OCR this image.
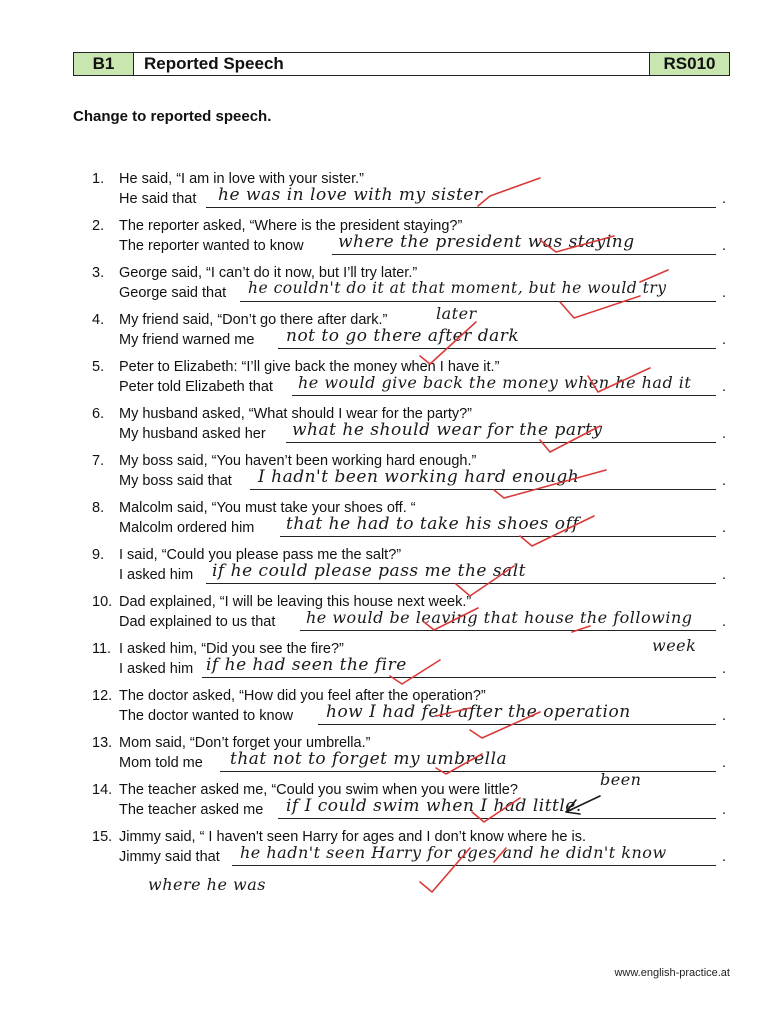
B1	Reported Speech	RS010
Change to reported speech.
1.	He said, “I am in love with your sister.”
He said that he was in love with my sister	.
2.	The reporter asked, “Where is the president staying?”
The reporter wanted to know where the president was staying	.
3.	George said, “I can’t do it now, but I’ll try later.”
George said that he couldn't do it at that moment, but he would try
later
.
4.	My friend said, “Don’t go there after dark.”
My friend warned me not to go there after dark	.
5.	Peter to Elizabeth: “I’ll give back the money when I have it.”
Peter told Elizabeth that he would give back the money when he had it .
6.	My husband asked, “What should I wear for the party?”
My husband asked her what he should wear for the party	.
7.	My boss said, “You haven’t been working hard enough.”
My boss said that I hadn't been working hard enough	.
8.	Malcolm said, “You must take your shoes off. “
Malcolm ordered him that he had to take his shoes off	.
9.	I said, “Could you please pass me the salt?”
I asked him if he could please pass me the salt	.
10. Dad explained, “I will be leaving this house next week.”
Dad explained to us that he would be leaving that house the following
week
.
11. I asked him, “Did you see the fire?”
I asked him if he had seen the fire	.
12. The doctor asked, “How did you feel after the operation?”
The doctor wanted to know how I had felt after the operation	.
13. Mom said, “Don’t forget your umbrella.”
Mom told me that not to forget my umbrella	.
14. The teacher asked me, “Could you swim when you were little?
The teacher asked me if I could swim when I had little.
been
.
15. Jimmy said, “ I haven't seen Harry for ages and I don’t know where he is.
Jimmy said that he hadn't seen Harry for ages and he didn't know
where he was
.
www.english-practice.at
